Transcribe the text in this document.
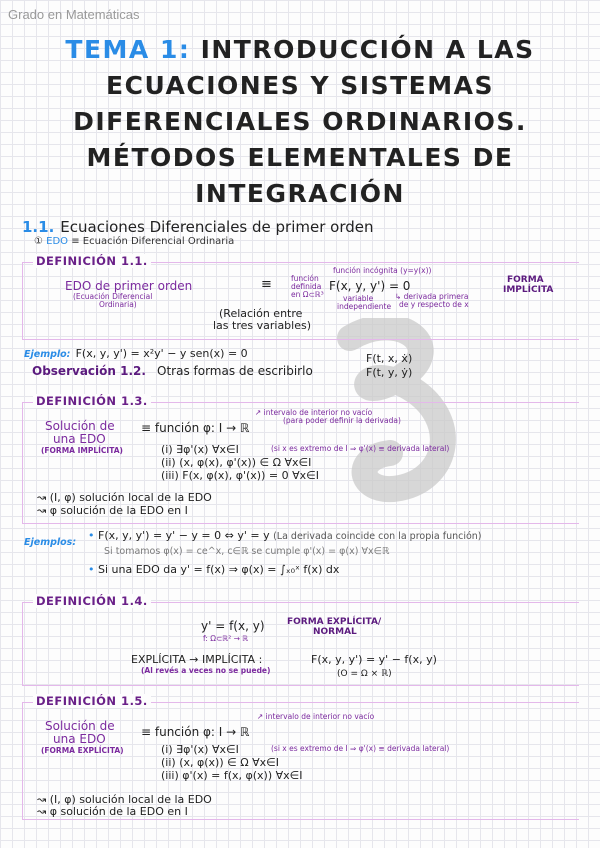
Grado en Matemáticas
TEMA 1: INTRODUCCIÓN A LAS
ECUACIONES Y SISTEMAS
DIFERENCIALES ORDINARIOS.
MÉTODOS ELEMENTALES DE
INTEGRACIÓN
1.1. Ecuaciones Diferenciales de primer orden
① EDO ≡ Ecuación Diferencial Ordinaria
DEFINICIÓN 1.1.
EDO de primer orden
(Ecuación Diferencial
Ordinaria)
≡	función
definida
en Ω⊂ℝ³
F(x, y, y') = 0
función incógnita (y=y(x))
variable
independiente
↳ derivada primera
de y respecto de x
FORMA
IMPLÍCITA
(Relación entre
las tres variables)
Ejemplo: F(x, y, y') = x²y' − y sen(x) = 0
Observación 1.2. Otras formas de escribirlo
F(t, x, ẋ)
F(t, y, ẏ)
DEFINICIÓN 1.3.
Solución de
una EDO
(FORMA IMPLÍCITA)
≡ función φ: I → ℝ
↗ intervalo de interior no vacío
(para poder definir la derivada)
(i) ∃φ'(x) ∀x∈I	(si x es extremo de I ⇒ φ'(x) ≡ derivada lateral)
(ii) (x, φ(x), φ'(x)) ∈ Ω ∀x∈I
(iii) F(x, φ(x), φ'(x)) = 0 ∀x∈I
↝ (I, φ) solución local de la EDO
↝ φ solución de la EDO en I
Ejemplos:
• F(x, y, y') = y' − y = 0 ⇔ y' = y (La derivada coincide con la propia función)
Si tomamos φ(x) = ce^x, c∈ℝ se cumple φ'(x) = φ(x) ∀x∈ℝ
• Si una EDO da y' = f(x) ⇒ φ(x) = ∫ₓ₀ˣ f(x) dx
DEFINICIÓN 1.4.
y' = f(x, y)
f: Ω⊂ℝ² → ℝ
FORMA EXPLÍCITA/
NORMAL
EXPLÍCITA → IMPLÍCITA :	F(x, y, y') = y' − f(x, y)
(Al revés a veces no se puede)	(O = Ω × ℝ)
DEFINICIÓN 1.5.
Solución de
una EDO
(FORMA EXPLÍCITA)
≡ función φ: I → ℝ
↗ intervalo de interior no vacío
(i) ∃φ'(x) ∀x∈I	(si x es extremo de I ⇒ φ'(x) ≡ derivada lateral)
(ii) (x, φ(x)) ∈ Ω ∀x∈I
(iii) φ'(x) = f(x, φ(x)) ∀x∈I
↝ (I, φ) solución local de la EDO
↝ φ solución de la EDO en I
